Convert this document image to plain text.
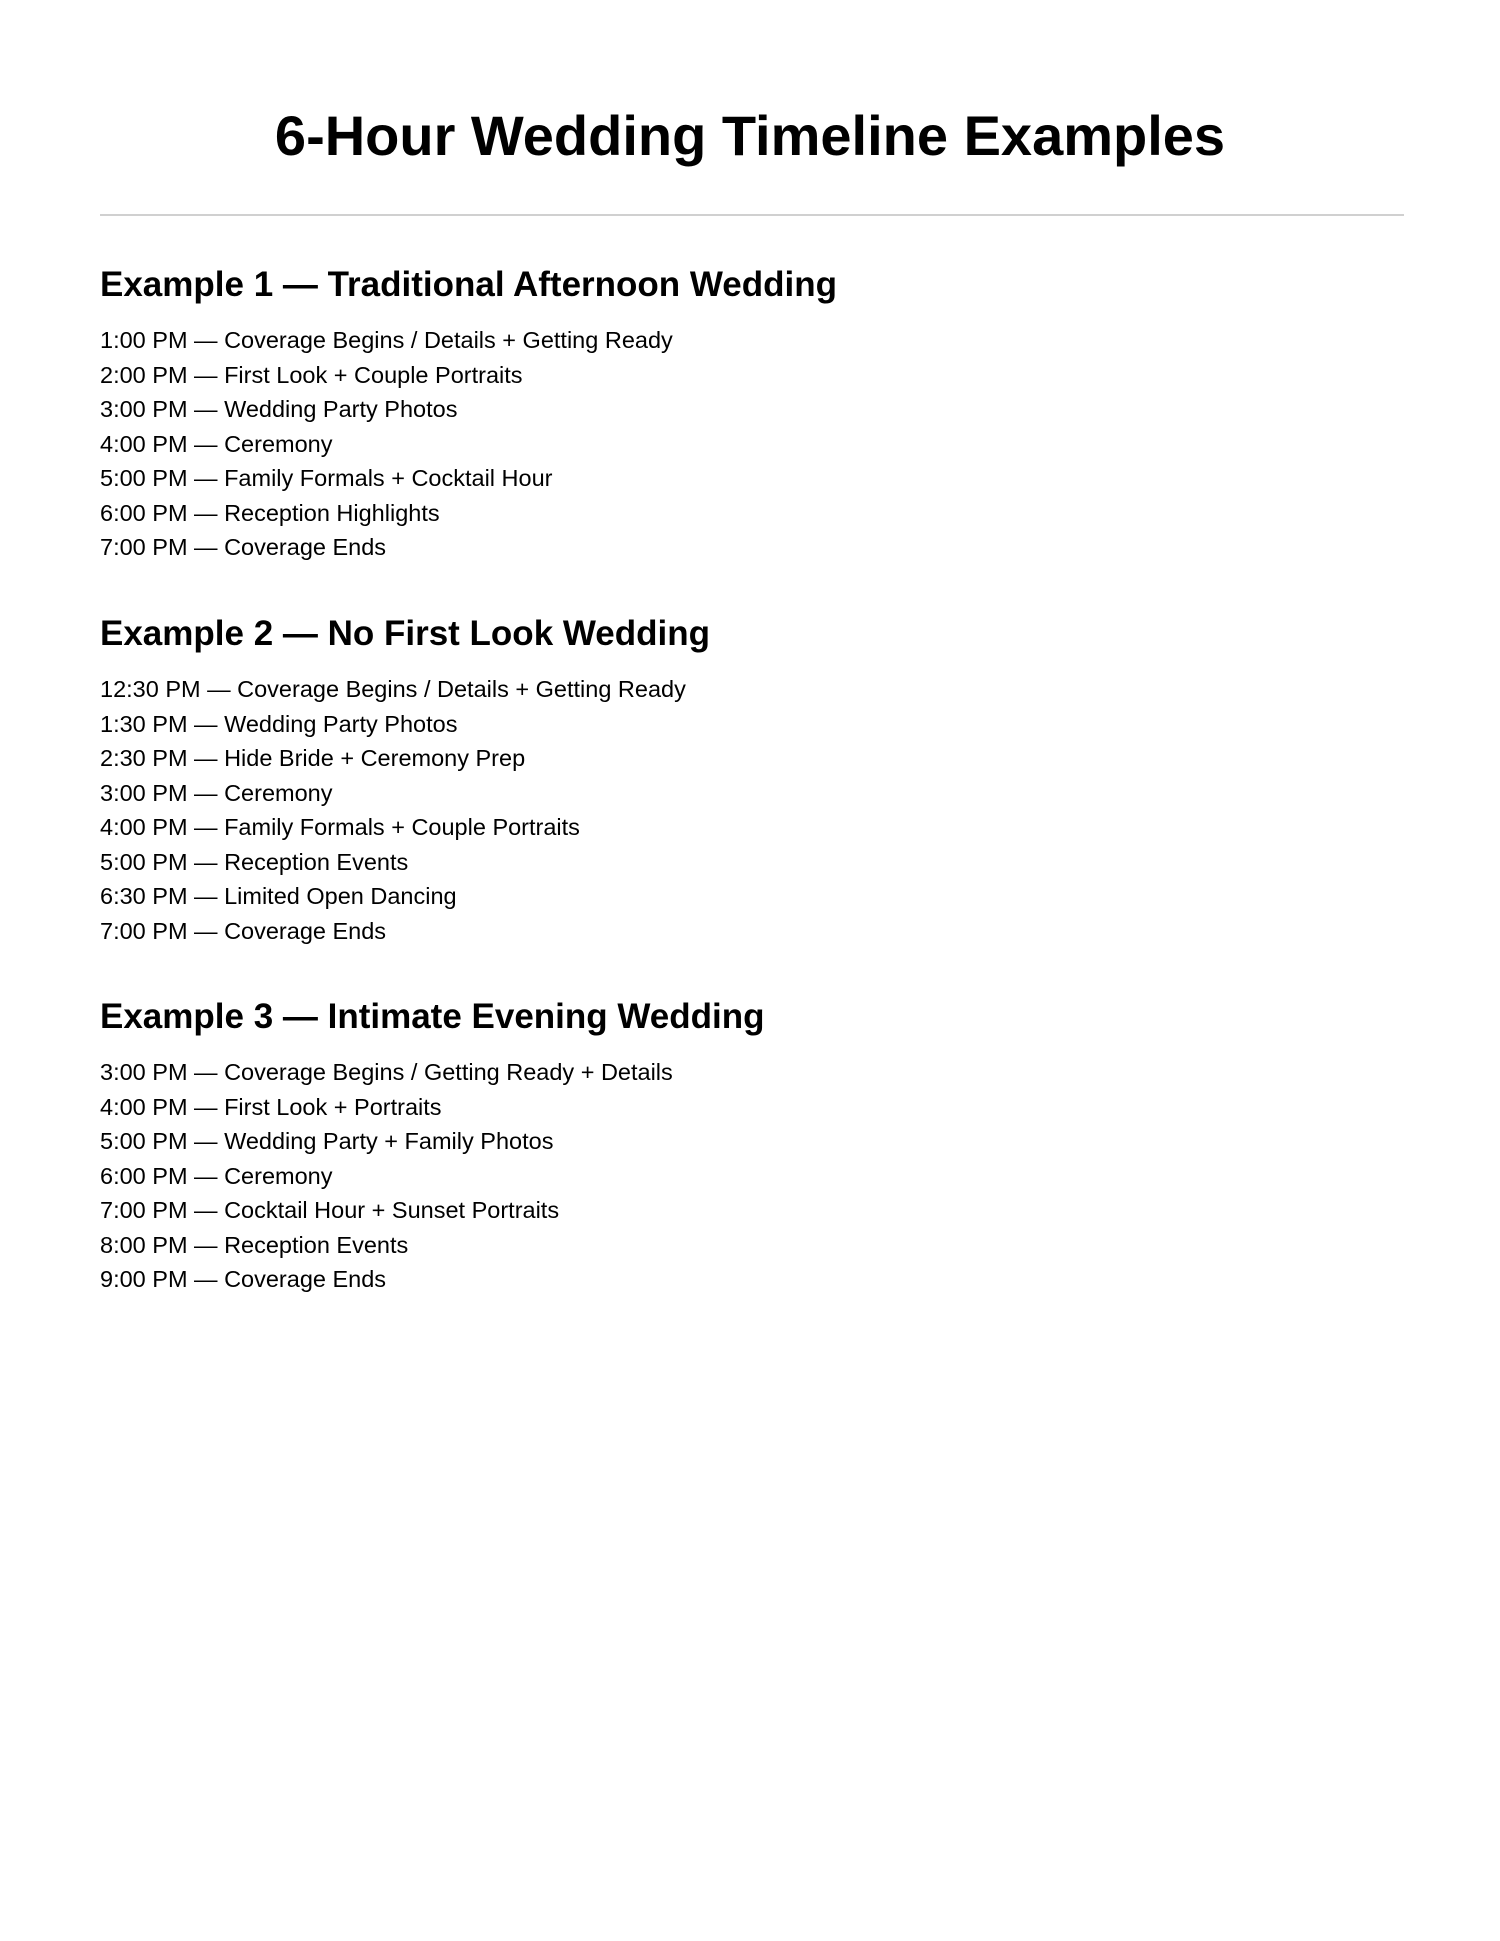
6-Hour Wedding Timeline Examples
Example 1 — Traditional Afternoon Wedding
1:00 PM — Coverage Begins / Details + Getting Ready
2:00 PM — First Look + Couple Portraits
3:00 PM — Wedding Party Photos
4:00 PM — Ceremony
5:00 PM — Family Formals + Cocktail Hour
6:00 PM — Reception Highlights
7:00 PM — Coverage Ends
Example 2 — No First Look Wedding
12:30 PM — Coverage Begins / Details + Getting Ready
1:30 PM — Wedding Party Photos
2:30 PM — Hide Bride + Ceremony Prep
3:00 PM — Ceremony
4:00 PM — Family Formals + Couple Portraits
5:00 PM — Reception Events
6:30 PM — Limited Open Dancing
7:00 PM — Coverage Ends
Example 3 — Intimate Evening Wedding
3:00 PM — Coverage Begins / Getting Ready + Details
4:00 PM — First Look + Portraits
5:00 PM — Wedding Party + Family Photos
6:00 PM — Ceremony
7:00 PM — Cocktail Hour + Sunset Portraits
8:00 PM — Reception Events
9:00 PM — Coverage Ends
